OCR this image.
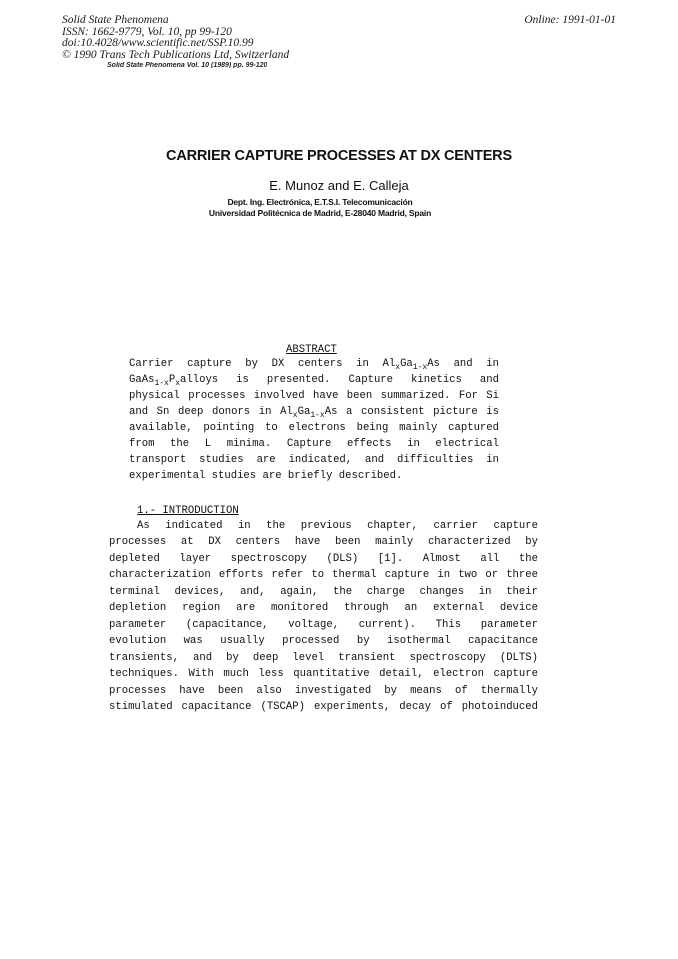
Solid State Phenomena
ISSN: 1662-9779, Vol. 10, pp 99-120
doi:10.4028/www.scientific.net/SSP.10.99
© 1990 Trans Tech Publications Ltd, Switzerland
Online: 1991-01-01
Solid State Phenomena Vol. 10 (1989) pp. 99-120
CARRIER CAPTURE PROCESSES AT DX CENTERS
E. Munoz and E. Calleja
Dept. Ing. Electrónica, E.T.S.I. Telecomunicación
Universidad Politécnica de Madrid, E-28040 Madrid, Spain
ABSTRACT
Carrier capture by DX centers in $Al_xGa_{1-x}As$ and in
$GaAs_{1-x}P_xalloys$ is presented. Capture kinetics and
physical processes involved have been summarized. For Si
and Sn deep donors in $Al_xGa_{1-x}As$ a consistent picture is
available, pointing to electrons being mainly captured
from the L minima. Capture effects in electrical
transport studies are indicated, and difficulties in
experimental studies are briefly described.
1.- INTRODUCTION
As indicated in the previous chapter, carrier capture
processes at DX centers have been mainly characterized by
depleted layer spectroscopy (DLS) [1]. Almost all the
characterization efforts refer to thermal capture in two or three
terminal devices, and, again, the charge changes in their
depletion region are monitored through an external device
parameter (capacitance, voltage, current). This parameter
evolution was usually processed by isothermal capacitance
transients, and by deep level transient spectroscopy (DLTS)
techniques. With much less quantitative detail, electron capture
processes have been also investigated by means of thermally
stimulated capacitance (TSCAP) experiments, decay of photoinduced
